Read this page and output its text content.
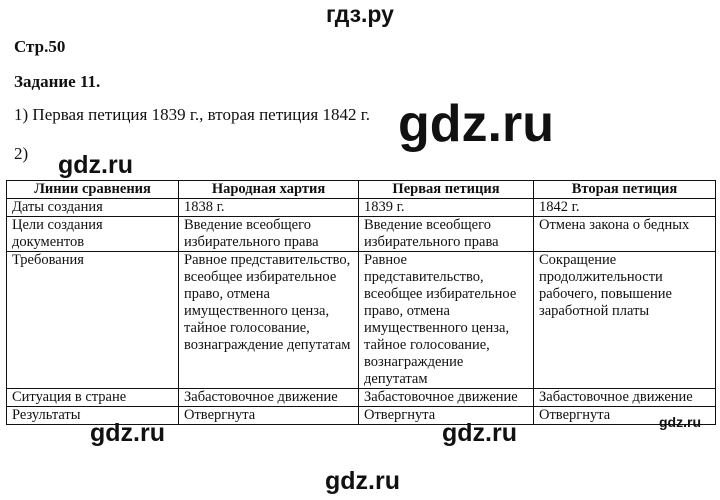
гдз.ру
Стр.50
Задание 11.
1) Первая петиция 1839 г., вторая петиция 1842 г.
2)
Линии сравнения	Народная хартия	Первая петиция	Вторая петиция
Даты создания	1838 г.	1839 г.	1842 г.
Цели создания документов	Введение всеобщего избирательного права	Введение всеобщего избирательного права	Отмена закона о бедных
Требования	Равное представительство, всеобщее избирательное право, отмена имущественного ценза, тайное голосование, вознаграждение депутатам	Равное представительство, всеобщее избирательное право, отмена имущественного ценза, тайное голосование, вознаграждение депутатам	Сокращение продолжительности рабочего, повышение заработной платы
Ситуация в стране	Забастовочное движение	Забастовочное движение	Забастовочное движение
Результаты	Отвергнута	Отвергнута	Отвергнута
gdz.ru
gdz.ru
gdz.ru	gdz.ru	gdz.ru
gdz.ru
